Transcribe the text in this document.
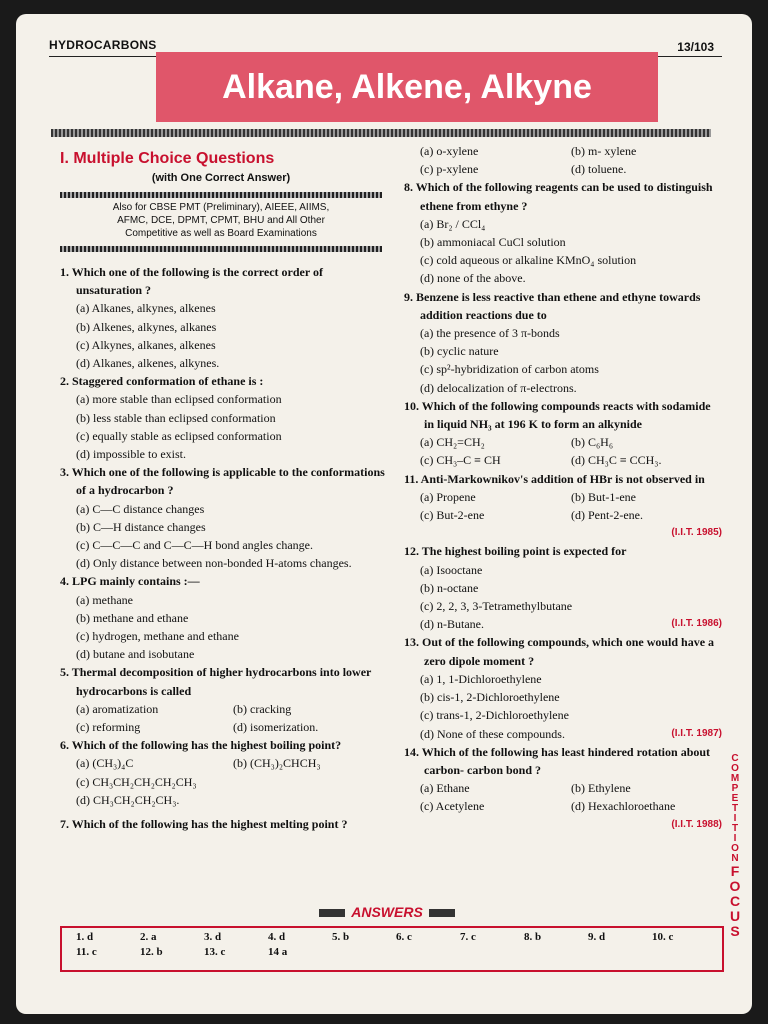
HYDROCARBONS	13/103
Alkane, Alkene, Alkyne
I. Multiple Choice Questions
(with One Correct Answer)
Also for CBSE PMT (Preliminary), AIEEE, AIIMS,
AFMC, DCE, DPMT, CPMT, BHU and All Other
Competitive as well as Board Examinations
1. Which one of the following is the correct order of unsaturation ?
(a) Alkanes, alkynes, alkenes
(b) Alkenes, alkynes, alkanes
(c) Alkynes, alkanes, alkenes
(d) Alkanes, alkenes, alkynes.
2. Staggered conformation of ethane is :
(a) more stable than eclipsed conformation
(b) less stable than eclipsed conformation
(c) equally stable as eclipsed conformation
(d) impossible to exist.
3. Which one of the following is applicable to the conformations of a hydrocarbon ?
(a) C—C distance changes
(b) C—H distance changes
(c) C—C—C and C—C—H bond angles change.
(d) Only distance between non-bonded H-atoms changes.
4. LPG mainly contains :—
(a) methane
(b) methane and ethane
(c) hydrogen, methane and ethane
(d) butane and isobutane
5. Thermal decomposition of higher hydrocarbons into lower hydrocarbons is called
(a) aromatization	(b) cracking
(c) reforming	(d) isomerization.
6. Which of the following has the highest boiling point?
(a) (CH₃)₄C	(b) (CH₃)₂CHCH₃
(c) CH₃CH₂CH₂CH₂CH₃
(d) CH₃CH₂CH₂CH₃.
7. Which of the following has the highest melting point ?
(a) o-xylene	(b) m- xylene
(c) p-xylene	(d) toluene.
8. Which of the following reagents can be used to distinguish ethene from ethyne ?
(a) Br₂ / CCl₄
(b) ammoniacal CuCl solution
(c) cold aqueous or alkaline KMnO₄ solution
(d) none of the above.
9. Benzene is less reactive than ethene and ethyne towards addition reactions due to
(a) the presence of 3 π-bonds
(b) cyclic nature
(c) sp²-hybridization of carbon atoms
(d) delocalization of π-electrons.
10. Which of the following compounds reacts with sodamide in liquid NH₃ at 196 K to form an alkynide
(a) CH₂=CH₂	(b) C₆H₆
(c) CH₃–C ≡ CH	(d) CH₃C ≡ CCH₃.
11. Anti-Markownikov's addition of HBr is not observed in
(a) Propene	(b) But-1-ene
(c) But-2-ene	(d) Pent-2-ene.
(I.I.T. 1985)
12. The highest boiling point is expected for
(a) Isooctane
(b) n-octane
(c) 2, 2, 3, 3-Tetramethylbutane
(d) n-Butane.	(I.I.T. 1986)
13. Out of the following compounds, which one would have a zero dipole moment ?
(a) 1, 1-Dichloroethylene
(b) cis-1, 2-Dichloroethylene
(c) trans-1, 2-Dichloroethylene
(d) None of these compounds.	(I.I.T. 1987)
14. Which of the following has least hindered rotation about carbon- carbon bond ?
(a) Ethane	(b) Ethylene
(c) Acetylene	(d) Hexachloroethane
(I.I.T. 1988)
C
O
M
P
E
T
I
T
I
O
N
F
O
C
U
S
ANSWERS
1. d	2. a	3. d	4. d	5. b	6. c	7. c	8. b	9. d	10. c
11. c	12. b	13. c	14 a
